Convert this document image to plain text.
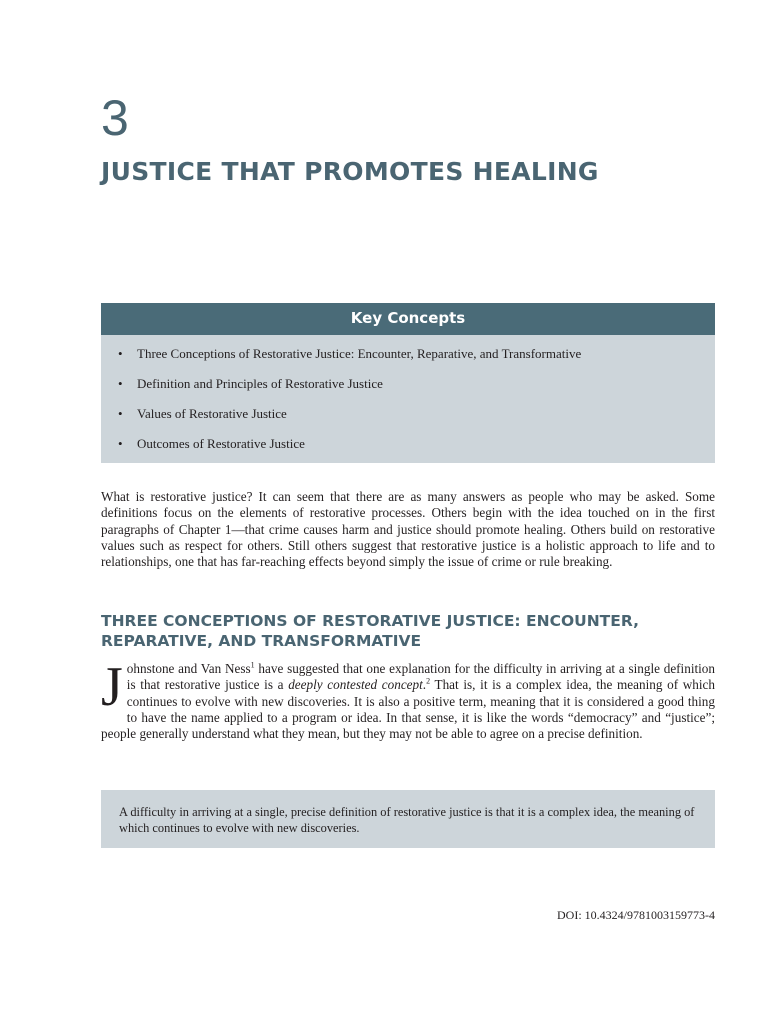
3
JUSTICE THAT PROMOTES HEALING
Key Concepts
• Three Conceptions of Restorative Justice: Encounter, Reparative, and Transformative
• Definition and Principles of Restorative Justice
• Values of Restorative Justice
• Outcomes of Restorative Justice

What is restorative justice? It can seem that there are as many answers as people who may be asked. Some definitions focus on the elements of restorative processes. Others begin with the idea touched on in the first paragraphs of Chapter 1—that crime causes harm and justice should promote healing. Others build on restorative values such as respect for others. Still others suggest that restorative justice is a holistic approach to life and to relationships, one that has far-reaching effects beyond simply the issue of crime or rule breaking.

THREE CONCEPTIONS OF RESTORATIVE JUSTICE: ENCOUNTER, REPARATIVE, AND TRANSFORMATIVE

Johnstone and Van Ness$^1$ have suggested that one explanation for the difficulty in arriving at a single definition is that restorative justice is a deeply contested concept.$^2$ That is, it is a complex idea, the meaning of which continues to evolve with new discoveries. It is also a positive term, meaning that it is considered a good thing to have the name applied to a program or idea. In that sense, it is like the words “democracy” and “justice”; people generally understand what they mean, but they may not be able to agree on a precise definition.

A difficulty in arriving at a single, precise definition of restorative justice is that it is a complex idea, the meaning of which continues to evolve with new discoveries.

DOI: 10.4324/9781003159773-4
